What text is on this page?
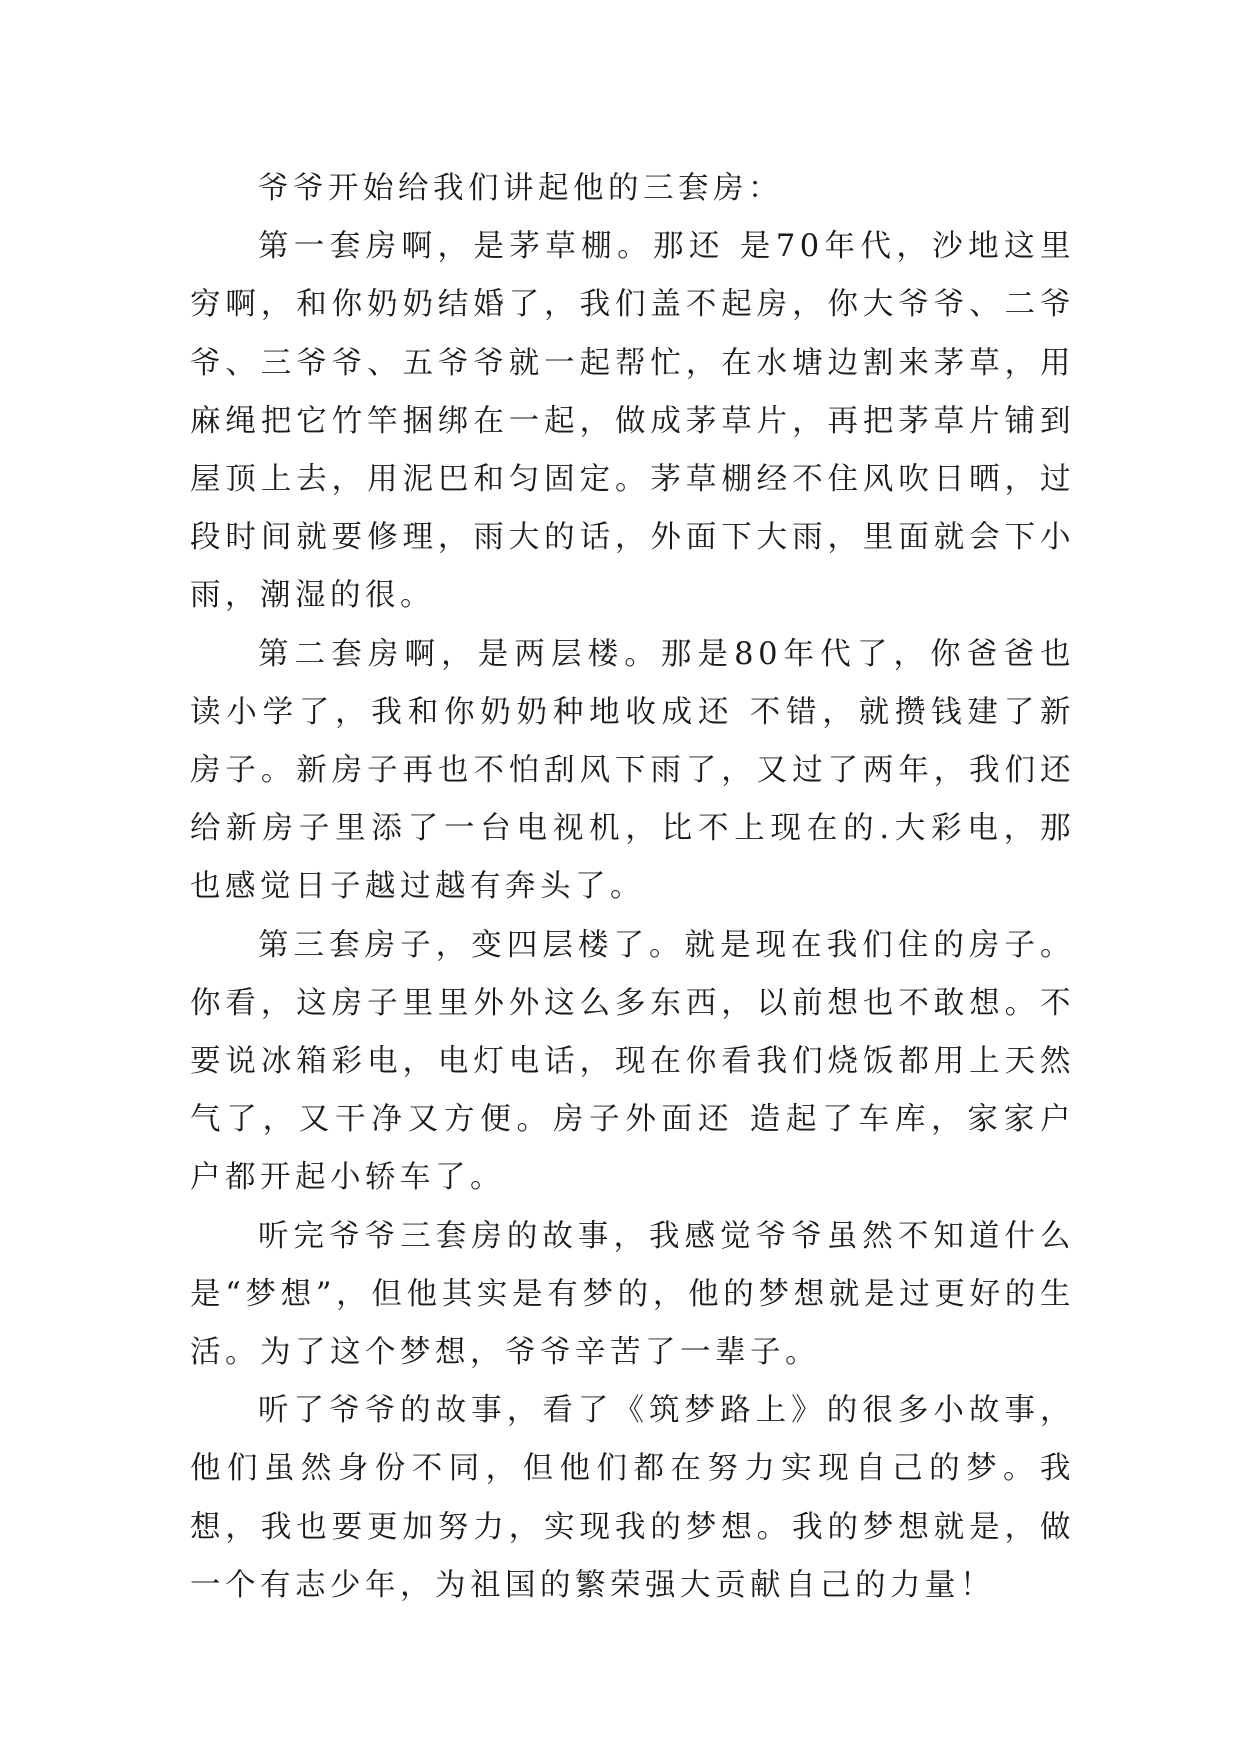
爷爷开始给我们讲起他的三套房：

第一套房啊，是茅草棚。那还 是70年代，沙地这里穷啊，和你奶奶结婚了，我们盖不起房，你大爷爷、二爷爷、三爷爷、五爷爷就一起帮忙，在水塘边割来茅草，用麻绳把它竹竿捆绑在一起，做成茅草片，再把茅草片铺到屋顶上去，用泥巴和匀固定。茅草棚经不住风吹日晒，过段时间就要修理，雨大的话，外面下大雨，里面就会下小雨，潮湿的很。

第二套房啊，是两层楼。那是80年代了，你爸爸也读小学了，我和你奶奶种地收成还 不错，就攒钱建了新房子。新房子再也不怕刮风下雨了，又过了两年，我们还 给新房子里添了一台电视机，比不上现在的.大彩电，那也感觉日子越过越有奔头了。

第三套房子，变四层楼了。就是现在我们住的房子。你看，这房子里里外外这么多东西，以前想也不敢想。不要说冰箱彩电，电灯电话，现在你看我们烧饭都用上天然气了，又干净又方便。房子外面还 造起了车库，家家户户都开起小轿车了。

听完爷爷三套房的故事，我感觉爷爷虽然不知道什么是“梦想”，但他其实是有梦的，他的梦想就是过更好的生活。为了这个梦想，爷爷辛苦了一辈子。

听了爷爷的故事，看了《筑梦路上》的很多小故事，他们虽然身份不同，但他们都在努力实现自己的梦。我想，我也要更加努力，实现我的梦想。我的梦想就是，做一个有志少年，为祖国的繁荣强大贡献自己的力量！
